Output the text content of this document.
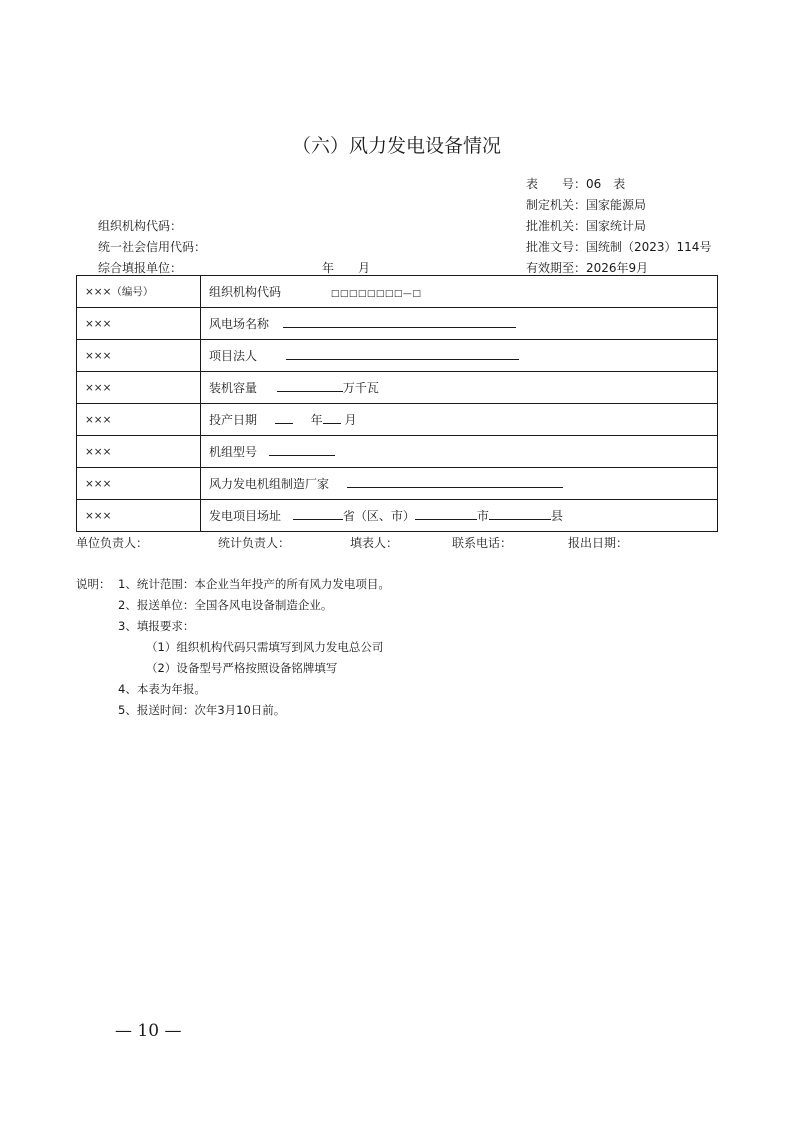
（六）风力发电设备情况
表　　号：06　表
制定机关：国家能源局
批准机关：国家统计局
批准文号：国统制（2023）114号
有效期至：2026年9月
组织机构代码：
统一社会信用代码：
综合填报单位：	年　　月
×××（编号）	组织机构代码 □□□□□□□□—□
×××	风电场名称
×××	项目法人
×××	装机容量 万千瓦
×××	投产日期 年 月
×××	机组型号
×××	风力发电机组制造厂家
×××	发电项目场址 省（区、市） 市 县
单位负责人：	统计负责人：	填表人：	联系电话：	报出日期：
说明： 1、统计范围：本企业当年投产的所有风力发电项目。
2、报送单位：全国各风电设备制造企业。
3、填报要求：
（1）组织机构代码只需填写到风力发电总公司
（2）设备型号严格按照设备铭牌填写
4、本表为年报。
5、报送时间：次年3月10日前。
— 10 —
